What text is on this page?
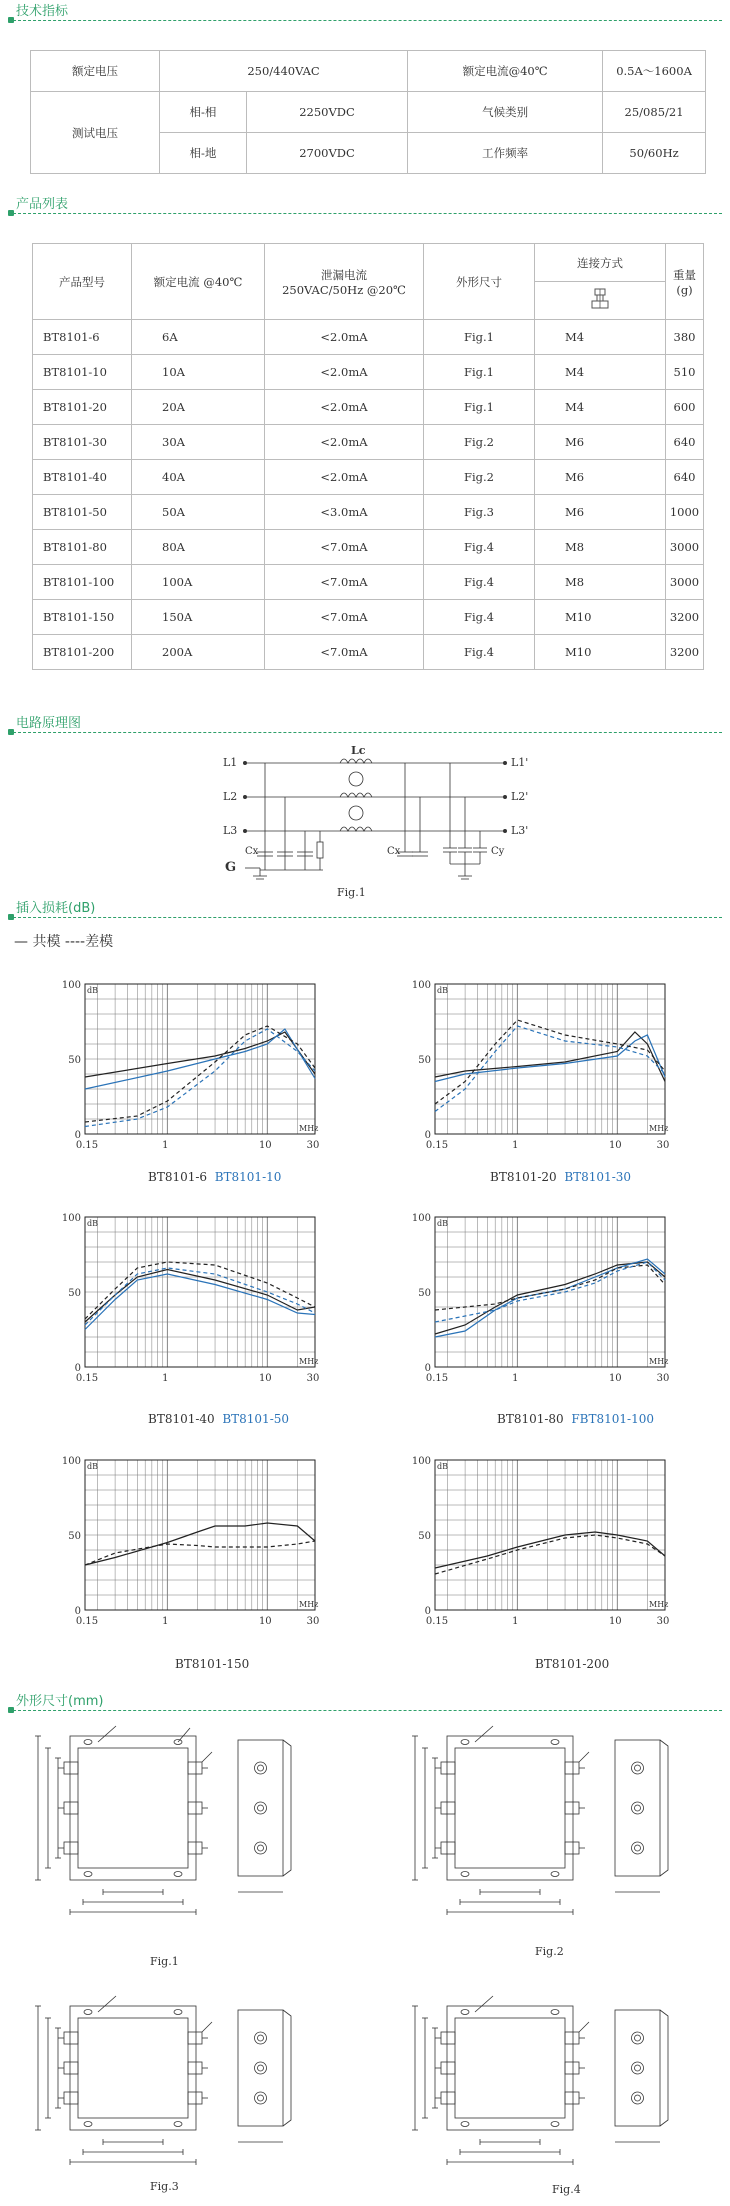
技术指标
额定电压	250/440VAC		额定电流@40℃	0.5A～1600A
测试电压	相-相	2250VDC	气候类别	25/085/21
	相-地	2700VDC	工作频率	50/60Hz
产品列表
产品型号	额定电流 @40℃	泄漏电流 250VAC/50Hz @20℃	外形尺寸	连接方式	重量(g)

BT8101-6	6A	<2.0mA	Fig.1	M4	380
BT8101-10	10A	<2.0mA	Fig.1	M4	510
BT8101-20	20A	<2.0mA	Fig.1	M4	600
BT8101-30	30A	<2.0mA	Fig.2	M6	640
BT8101-40	40A	<2.0mA	Fig.2	M6	640
BT8101-50	50A	<3.0mA	Fig.3	M6	1000
BT8101-80	80A	<7.0mA	Fig.4	M8	3000
BT8101-100	100A	<7.0mA	Fig.4	M8	3000
BT8101-150	150A	<7.0mA	Fig.4	M10	3200
BT8101-200	200A	<7.0mA	Fig.4	M10	3200
电路原理图
L1
L2
L3
L1'
L2'
L3'
Lc
Cx	Cx	Cy
G
Fig.1
插入损耗(dB)
— 共模 ----差模
100
50
0
0.15	1	10	30
dB
MHz
100
50
0
0.15	1	10	30
dB
MHz
100
50
0
0.15	1	10	30
dB
MHz
100
50
0
0.15	1	10	30
dB
MHz
100
50
0
0.15	1	10	30
dB
MHz
100
50
0
0.15	1	10	30
dB
MHz
BT8101-6 BT8101-10	BT8101-20 BT8101-30
BT8101-40 BT8101-50	BT8101-80 FBT8101-100
BT8101-150	BT8101-200
外形尺寸(mm)
Fig.1
Fig.2
Fig.3	Fig.4
